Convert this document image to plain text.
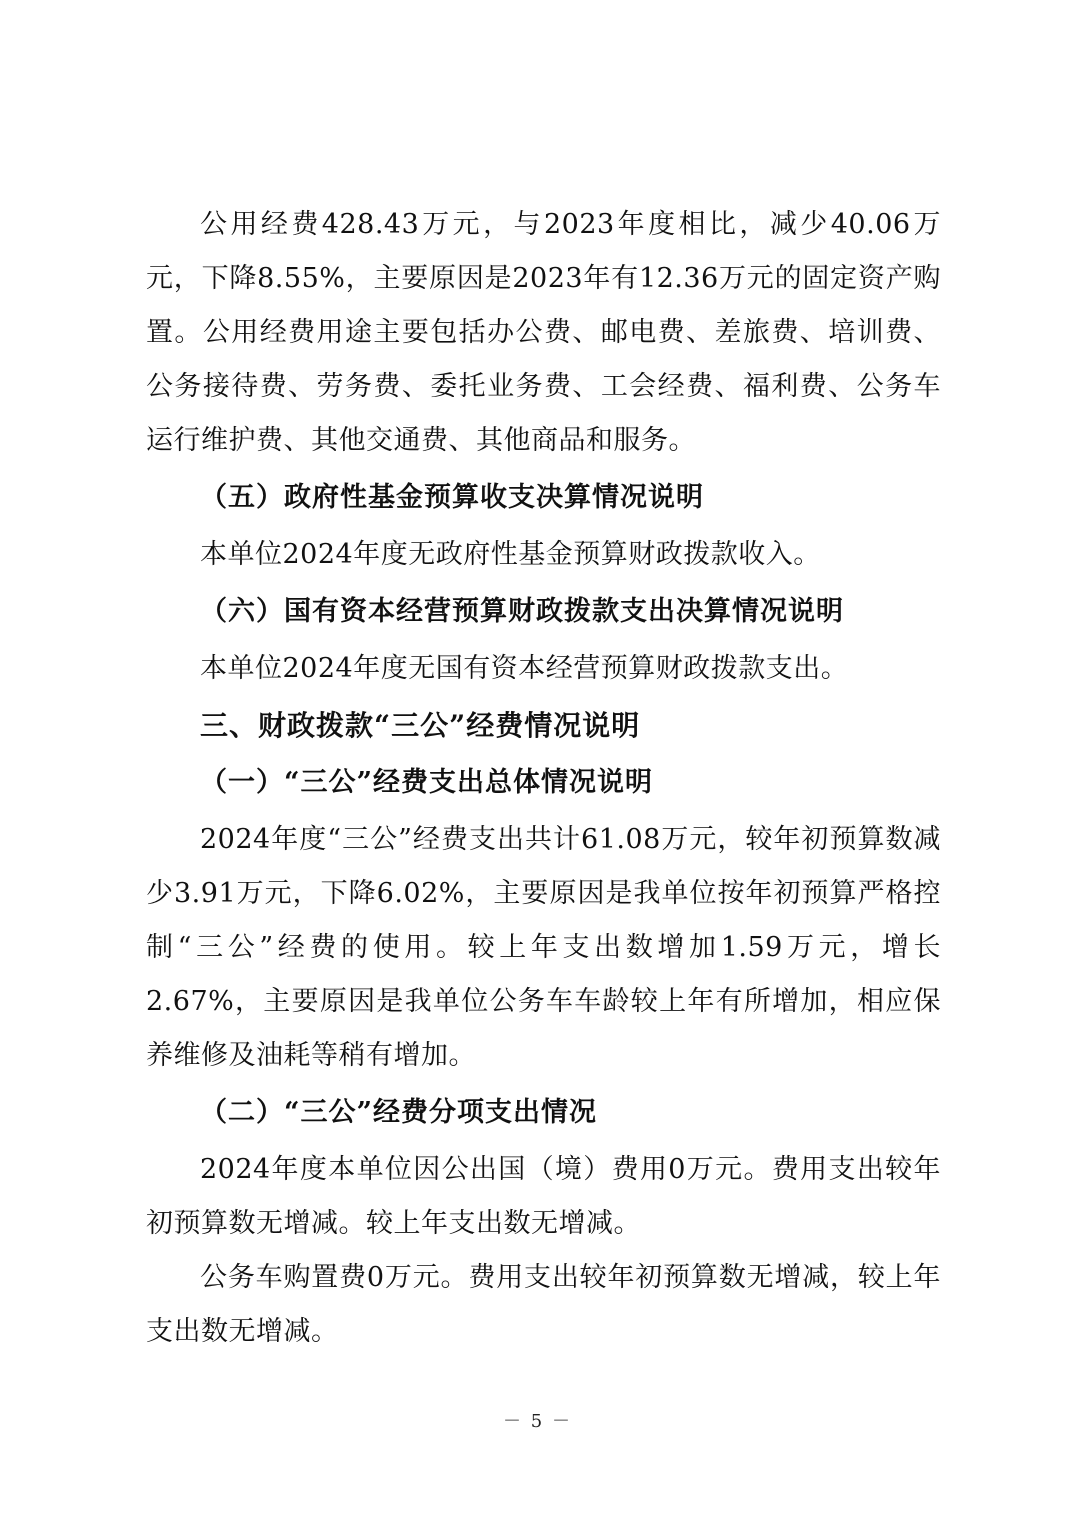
公用经费428.43万元，与2023年度相比，减少40.06万元，下降8.55%，主要原因是2023年有12.36万元的固定资产购置。公用经费用途主要包括办公费、邮电费、差旅费、培训费、公务接待费、劳务费、委托业务费、工会经费、福利费、公务车运行维护费、其他交通费、其他商品和服务。

（五）政府性基金预算收支决算情况说明

本单位2024年度无政府性基金预算财政拨款收入。

（六）国有资本经营预算财政拨款支出决算情况说明

本单位2024年度无国有资本经营预算财政拨款支出。

三、财政拨款“三公”经费情况说明

（一）“三公”经费支出总体情况说明

2024年度“三公”经费支出共计61.08万元，较年初预算数减少3.91万元，下降6.02%，主要原因是我单位按年初预算严格控制“三公”经费的使用。较上年支出数增加1.59万元，增长2.67%，主要原因是我单位公务车车龄较上年有所增加，相应保养维修及油耗等稍有增加。

（二）“三公”经费分项支出情况

2024年度本单位因公出国（境）费用0万元。费用支出较年初预算数无增减。较上年支出数无增减。

公务车购置费0万元。费用支出较年初预算数无增减，较上年支出数无增减。

－ 5 －
